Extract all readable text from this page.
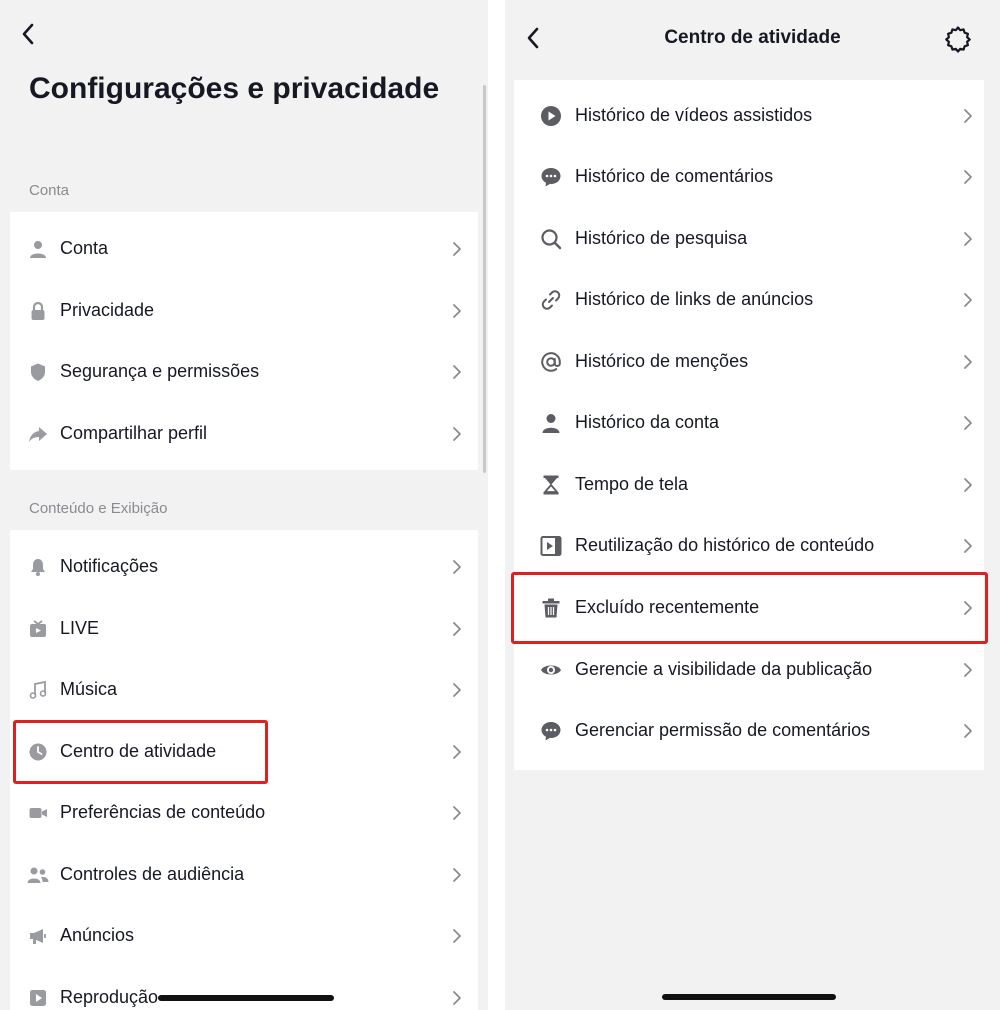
Configurações e privacidade
Conta
Conta
Privacidade
Segurança e permissões
Compartilhar perfil
Conteúdo e Exibição
Notificações
LIVE
Música
Centro de atividade
Preferências de conteúdo
Controles de audiência
Anúncios
Reprodução
Centro de atividade
Histórico de vídeos assistidos
Histórico de comentários
Histórico de pesquisa
Histórico de links de anúncios
Histórico de menções
Histórico da conta
Tempo de tela
Reutilização do histórico de conteúdo
Excluído recentemente
Gerencie a visibilidade da publicação
Gerenciar permissão de comentários
